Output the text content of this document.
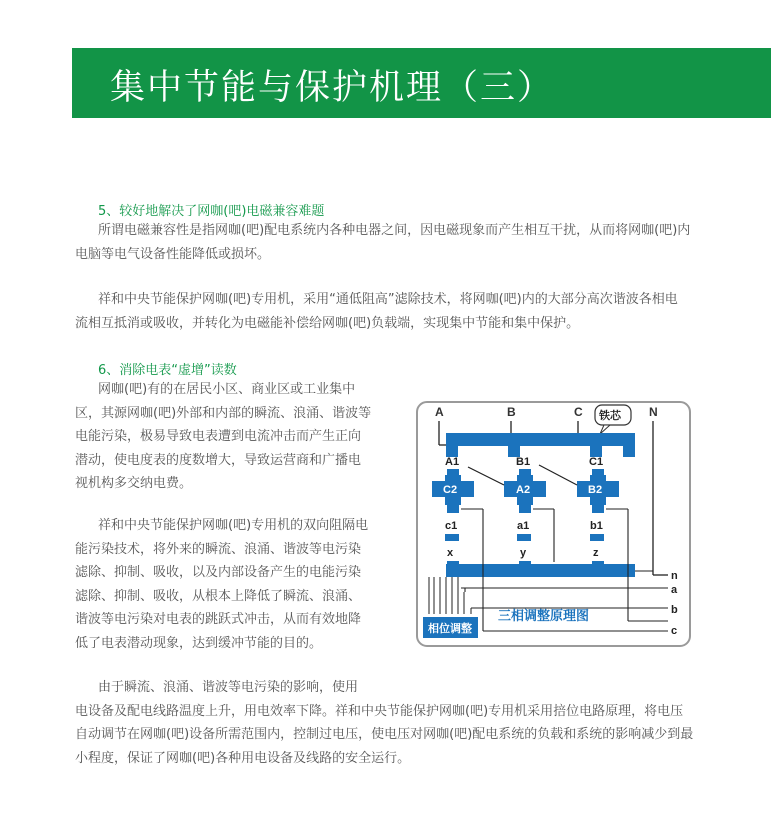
集中节能与保护机理（三）
5、较好地解决了网咖(吧)电磁兼容难题

所谓电磁兼容性是指网咖(吧)配电系统内各种电器之间，因电磁现象而产生相互干扰，从而将网咖(吧)内

电脑等电气设备性能降低或损坏。

祥和中央节能保护网咖(吧)专用机，采用“通低阻高”滤除技术，将网咖(吧)内的大部分高次谐波各相电

流相互抵消或吸收，并转化为电磁能补偿给网咖(吧)负载端，实现集中节能和集中保护。

6、消除电表“虚增”读数

网咖(吧)有的在居民小区、商业区或工业集中

区，其源网咖(吧)外部和内部的瞬流、浪涌、谐波等

电能污染，极易导致电表遭到电流冲击而产生正向

潜动，使电度表的度数增大，导致运营商和广播电

视机构多交纳电费。

祥和中央节能保护网咖(吧)专用机的双向阻隔电

能污染技术，将外来的瞬流、浪涌、谐波等电污染

滤除、抑制、吸收，以及内部设备产生的电能污染

滤除、抑制、吸收，从根本上降低了瞬流、浪涌、

谐波等电污染对电表的跳跃式冲击，从而有效地降

低了电表潜动现象，达到缓冲节能的目的。

由于瞬流、浪涌、谐波等电污染的影响，使用

电设备及配电线路温度上升，用电效率下降。祥和中央节能保护网咖(吧)专用机采用掊位电路原理，将电压

自动调节在网咖(吧)设备所需范围内，控制过电压，使电压对网咖(吧)配电系统的负载和系统的影响减少到最

小程度，保证了网咖(吧)各种用电设备及线路的安全运行。

A	B	C	N
铁芯
A1	B1	C1
C2	A2	B2
c1	a1	b1
x	y	z
n
a
b
c
相位调整
三相调整原理图
